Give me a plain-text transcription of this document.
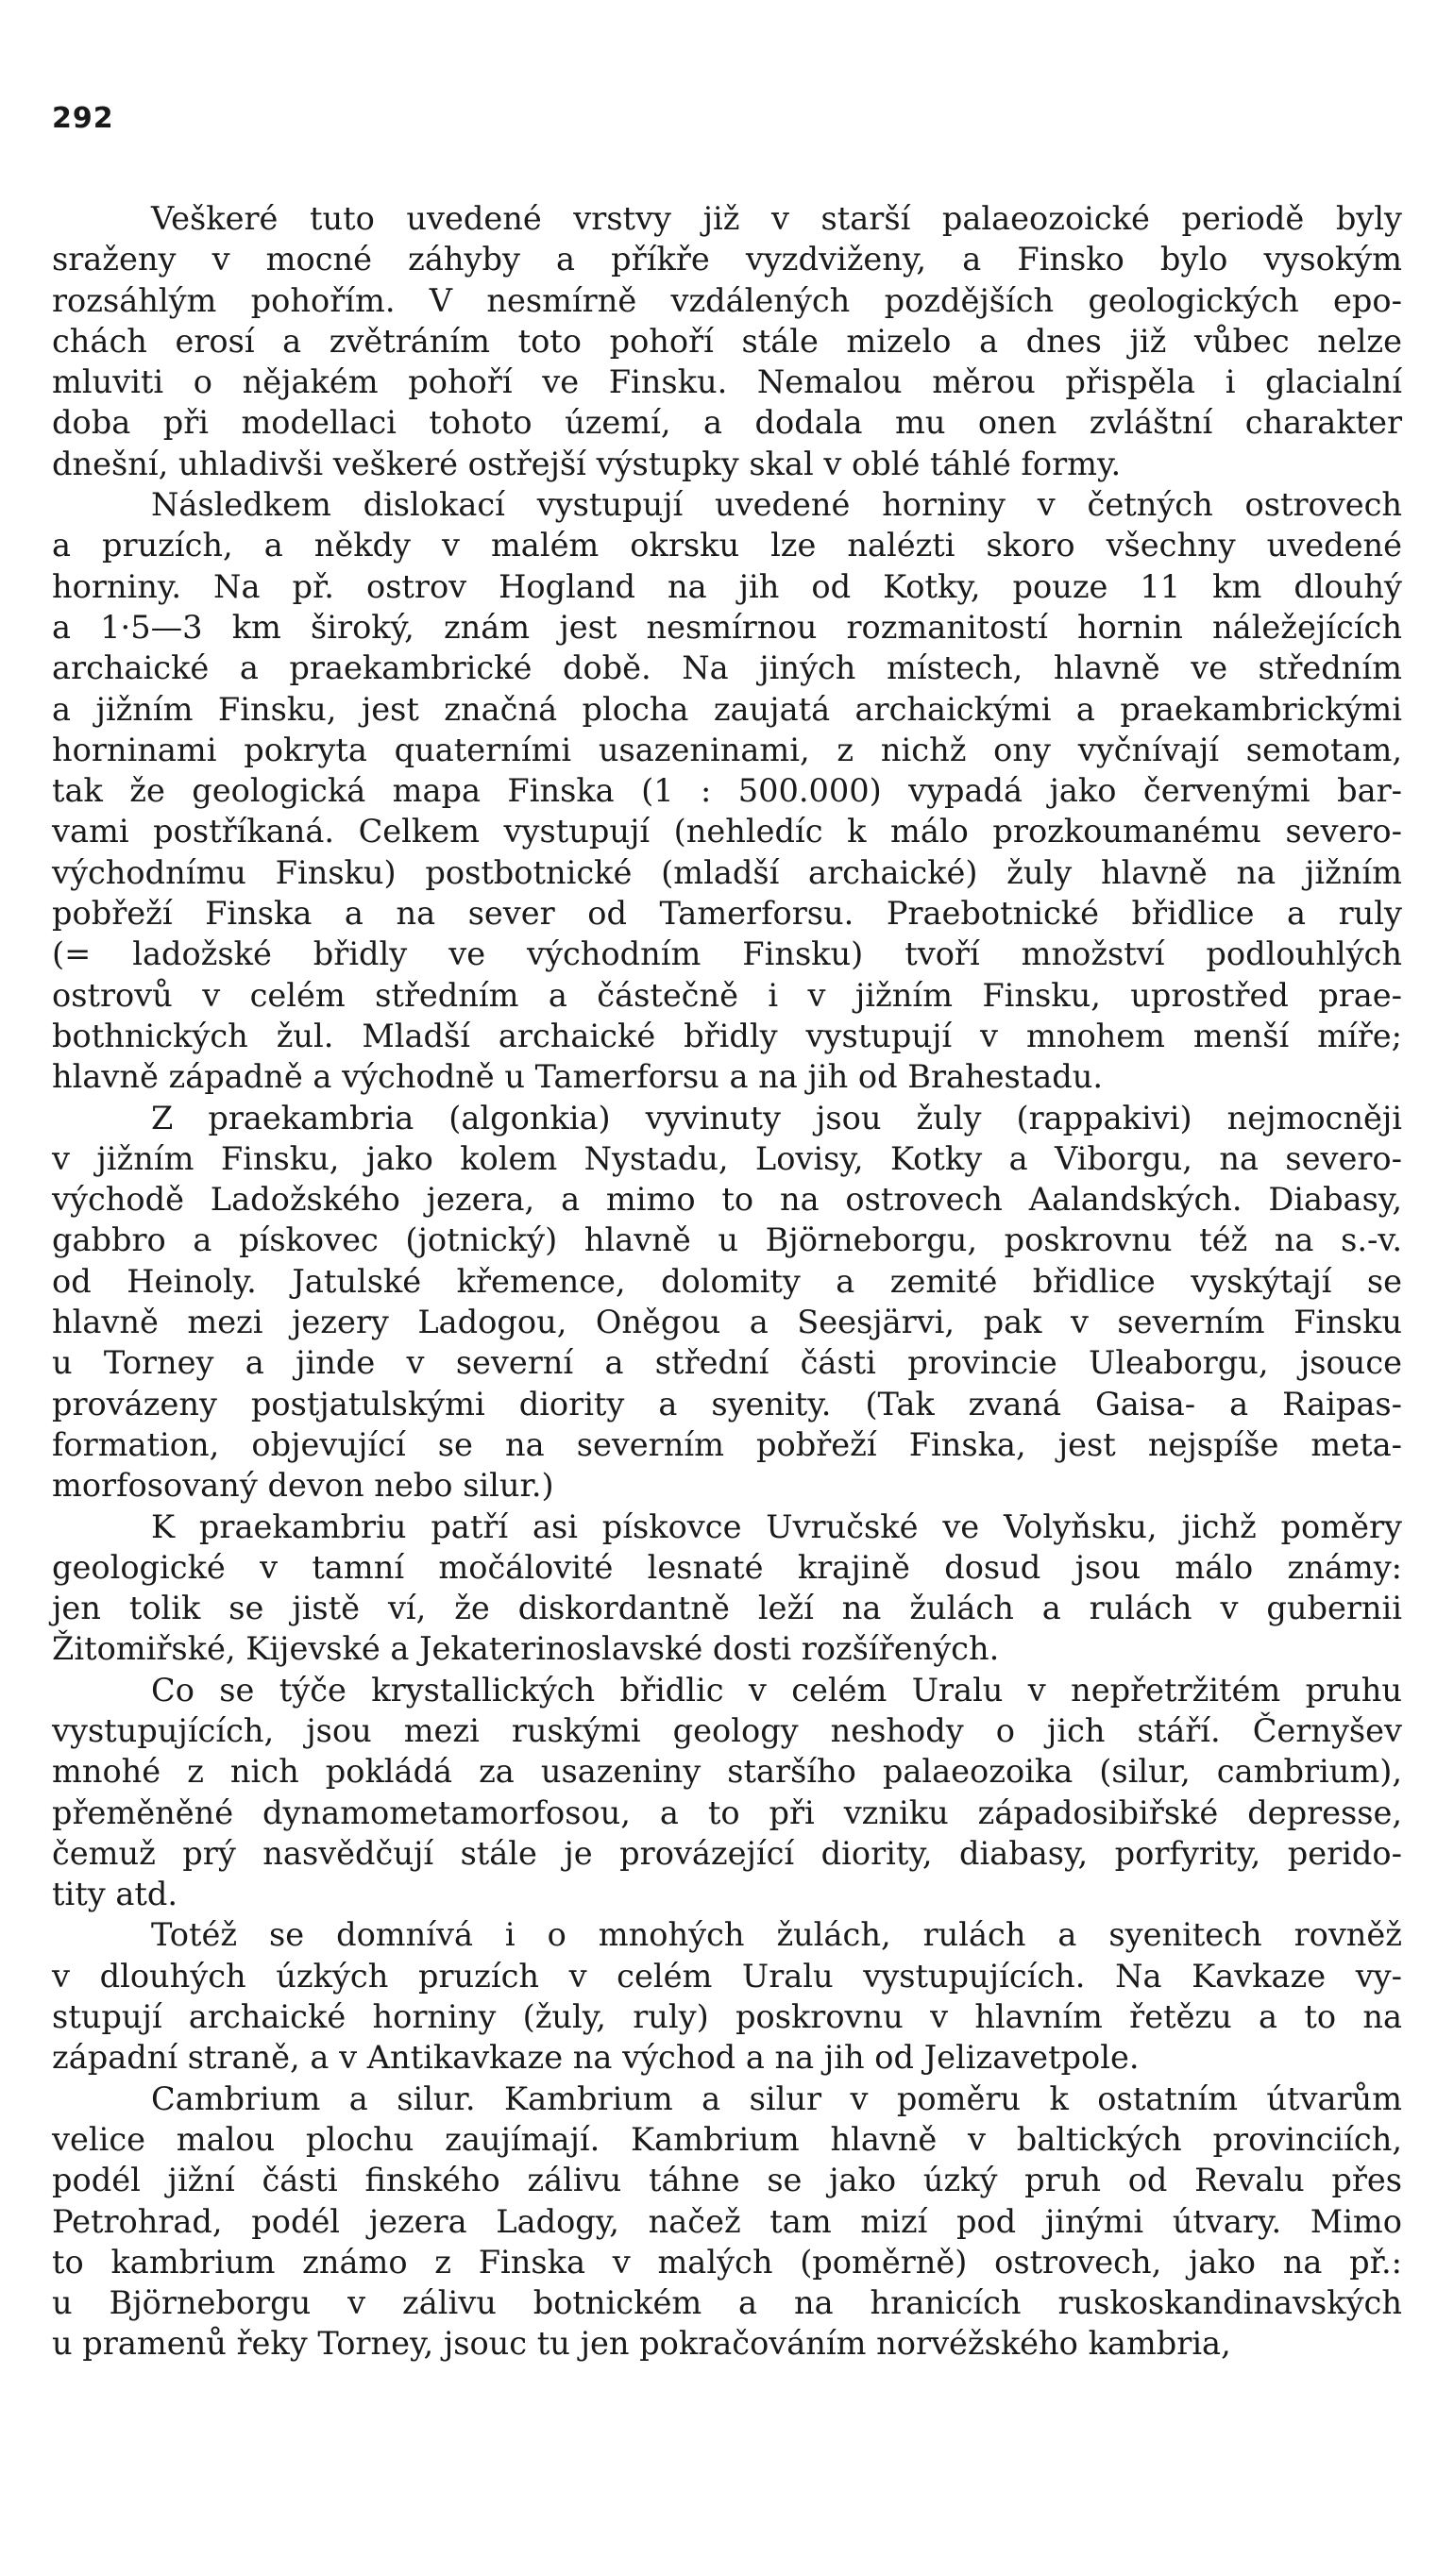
292

Veškeré tuto uvedené vrstvy již v starší palaeozoické periodě byly
sraženy v mocné záhyby a příkře vyzdviženy, a Finsko bylo vysokým
rozsáhlým pohořím. V nesmírně vzdálených pozdějších geologických epo-
chách erosí a zvětráním toto pohoří stále mizelo a dnes již vůbec nelze
mluviti o nějakém pohoří ve Finsku. Nemalou měrou přispěla i glacialní
doba při modellaci tohoto území, a dodala mu onen zvláštní charakter
dnešní, uhladivši veškeré ostřejší výstupky skal v oblé táhlé formy.

Následkem dislokací vystupují uvedené horniny v četných ostrovech
a pruzích, a někdy v malém okrsku lze nalézti skoro všechny uvedené
horniny. Na př. ostrov Hogland na jih od Kotky, pouze 11 km dlouhý
a 1·5—3 km široký, znám jest nesmírnou rozmanitostí hornin náležejících
archaické a praekambrické době. Na jiných místech, hlavně ve středním
a jižním Finsku, jest značná plocha zaujatá archaickými a praekambrickými
horninami pokryta quaterními usazeninami, z nichž ony vyčnívají semotam,
tak že geologická mapa Finska (1 : 500.000) vypadá jako červenými bar-
vami postříkaná. Celkem vystupují (nehledíc k málo prozkoumanému severo-
východnímu Finsku) postbotnické (mladší archaické) žuly hlavně na jižním
pobřeží Finska a na sever od Tamerforsu. Praebotnické břidlice a ruly
(= ladožské břidly ve východním Finsku) tvoří množství podlouhlých
ostrovů v celém středním a částečně i v jižním Finsku, uprostřed prae-
bothnických žul. Mladší archaické břidly vystupují v mnohem menší míře;
hlavně západně a východně u Tamerforsu a na jih od Brahestadu.

Z praekambria (algonkia) vyvinuty jsou žuly (rappakivi) nejmocněji
v jižním Finsku, jako kolem Nystadu, Lovisy, Kotky a Viborgu, na severo-
východě Ladožského jezera, a mimo to na ostrovech Aalandských. Diabasy,
gabbro a pískovec (jotnický) hlavně u Björneborgu, poskrovnu též na s.-v.
od Heinoly. Jatulské křemence, dolomity a zemité břidlice vyskýtají se
hlavně mezi jezery Ladogou, Oněgou a Seesjärvi, pak v severním Finsku
u Torney a jinde v severní a střední části provincie Uleaborgu, jsouce
provázeny postjatulskými diority a syenity. (Tak zvaná Gaisa- a Raipas-
formation, objevující se na severním pobřeží Finska, jest nejspíše meta-
morfosovaný devon nebo silur.)

K praekambriu patří asi pískovce Uvručské ve Volyňsku, jichž poměry
geologické v tamní močálovité lesnaté krajině dosud jsou málo známy:
jen tolik se jistě ví, že diskordantně leží na žulách a rulách v gubernii
Žitomiřské, Kijevské a Jekaterinoslavské dosti rozšířených.

Co se týče krystallických břidlic v celém Uralu v nepřetržitém pruhu
vystupujících, jsou mezi ruskými geology neshody o jich stáří. Černyšev
mnohé z nich pokládá za usazeniny staršího palaeozoika (silur, cambrium),
přeměněné dynamometamorfosou, a to při vzniku západosibiřské depresse,
čemuž prý nasvědčují stále je provázející diority, diabasy, porfyrity, perido-
tity atd.

Totéž se domnívá i o mnohých žulách, rulách a syenitech rovněž
v dlouhých úzkých pruzích v celém Uralu vystupujících. Na Kavkaze vy-
stupují archaické horniny (žuly, ruly) poskrovnu v hlavním řetězu a to na
západní straně, a v Antikavkaze na východ a na jih od Jelizavetpole.

Cambrium a silur. Kambrium a silur v poměru k ostatním útvarům
velice malou plochu zaujímají. Kambrium hlavně v baltických provinciích,
podél jižní části finského zálivu táhne se jako úzký pruh od Revalu přes
Petrohrad, podél jezera Ladogy, načež tam mizí pod jinými útvary. Mimo
to kambrium známo z Finska v malých (poměrně) ostrovech, jako na př.:
u Björneborgu v zálivu botnickém a na hranicích ruskoskandinavských
u pramenů řeky Torney, jsouc tu jen pokračováním norvéžského kambria,
